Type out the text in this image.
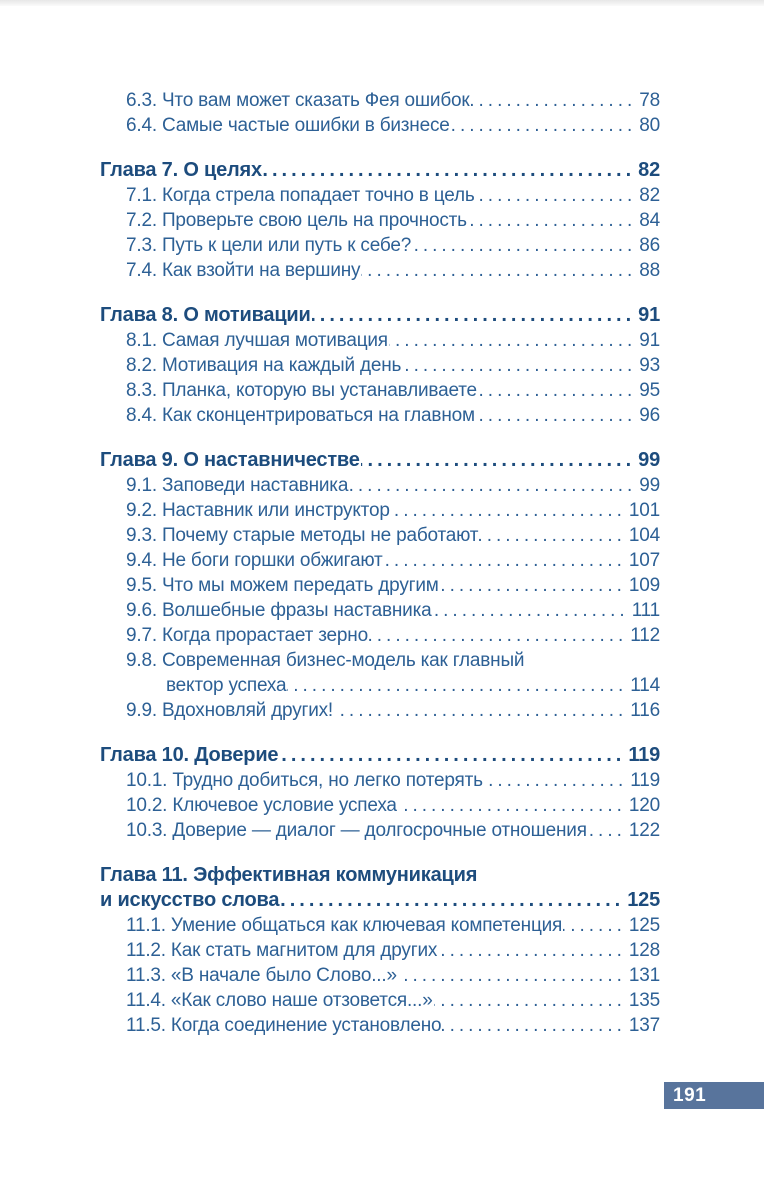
6.3. Что вам может сказать Фея ошибок .....	78
6.4. Самые частые ошибки в бизнесе .....	80
Глава 7. О целях .....	82
7.1. Когда стрела попадает точно в цель .....	82
7.2. Проверьте свою цель на прочность .....	84
7.3. Путь к цели или путь к себе? .....	86
7.4. Как взойти на вершину .....	88
Глава 8. О мотивации .....	91
8.1. Самая лучшая мотивация .....	91
8.2. Мотивация на каждый день .....	93
8.3. Планка, которую вы устанавливаете .....	95
8.4. Как сконцентрироваться на главном .....	96
Глава 9. О наставничестве .....	99
9.1. Заповеди наставника .....	99
9.2. Наставник или инструктор .....	101
9.3. Почему старые методы не работают .....	104
9.4. Не боги горшки обжигают .....	107
9.5. Что мы можем передать другим .....	109
9.6. Волшебные фразы наставника .....	111
9.7. Когда прорастает зерно .....	112
9.8. Современная бизнес-модель как главный
вектор успеха .....	114
9.9. Вдохновляй других! .....	116
Глава 10. Доверие .....	119
10.1. Трудно добиться, но легко потерять .....	119
10.2. Ключевое условие успеха .....	120
10.3. Доверие — диалог — долгосрочные отношения ..... 122
Глава 11. Эффективная коммуникация
и искусство слова .....	125
11.1. Умение общаться как ключевая компетенция .....	125
11.2. Как стать магнитом для других .....	128
11.3. «В начале было Слово...» .....	131
11.4. «Как слово наше отзовется...» .....	135
11.5. Когда соединение установлено .....	137
191
